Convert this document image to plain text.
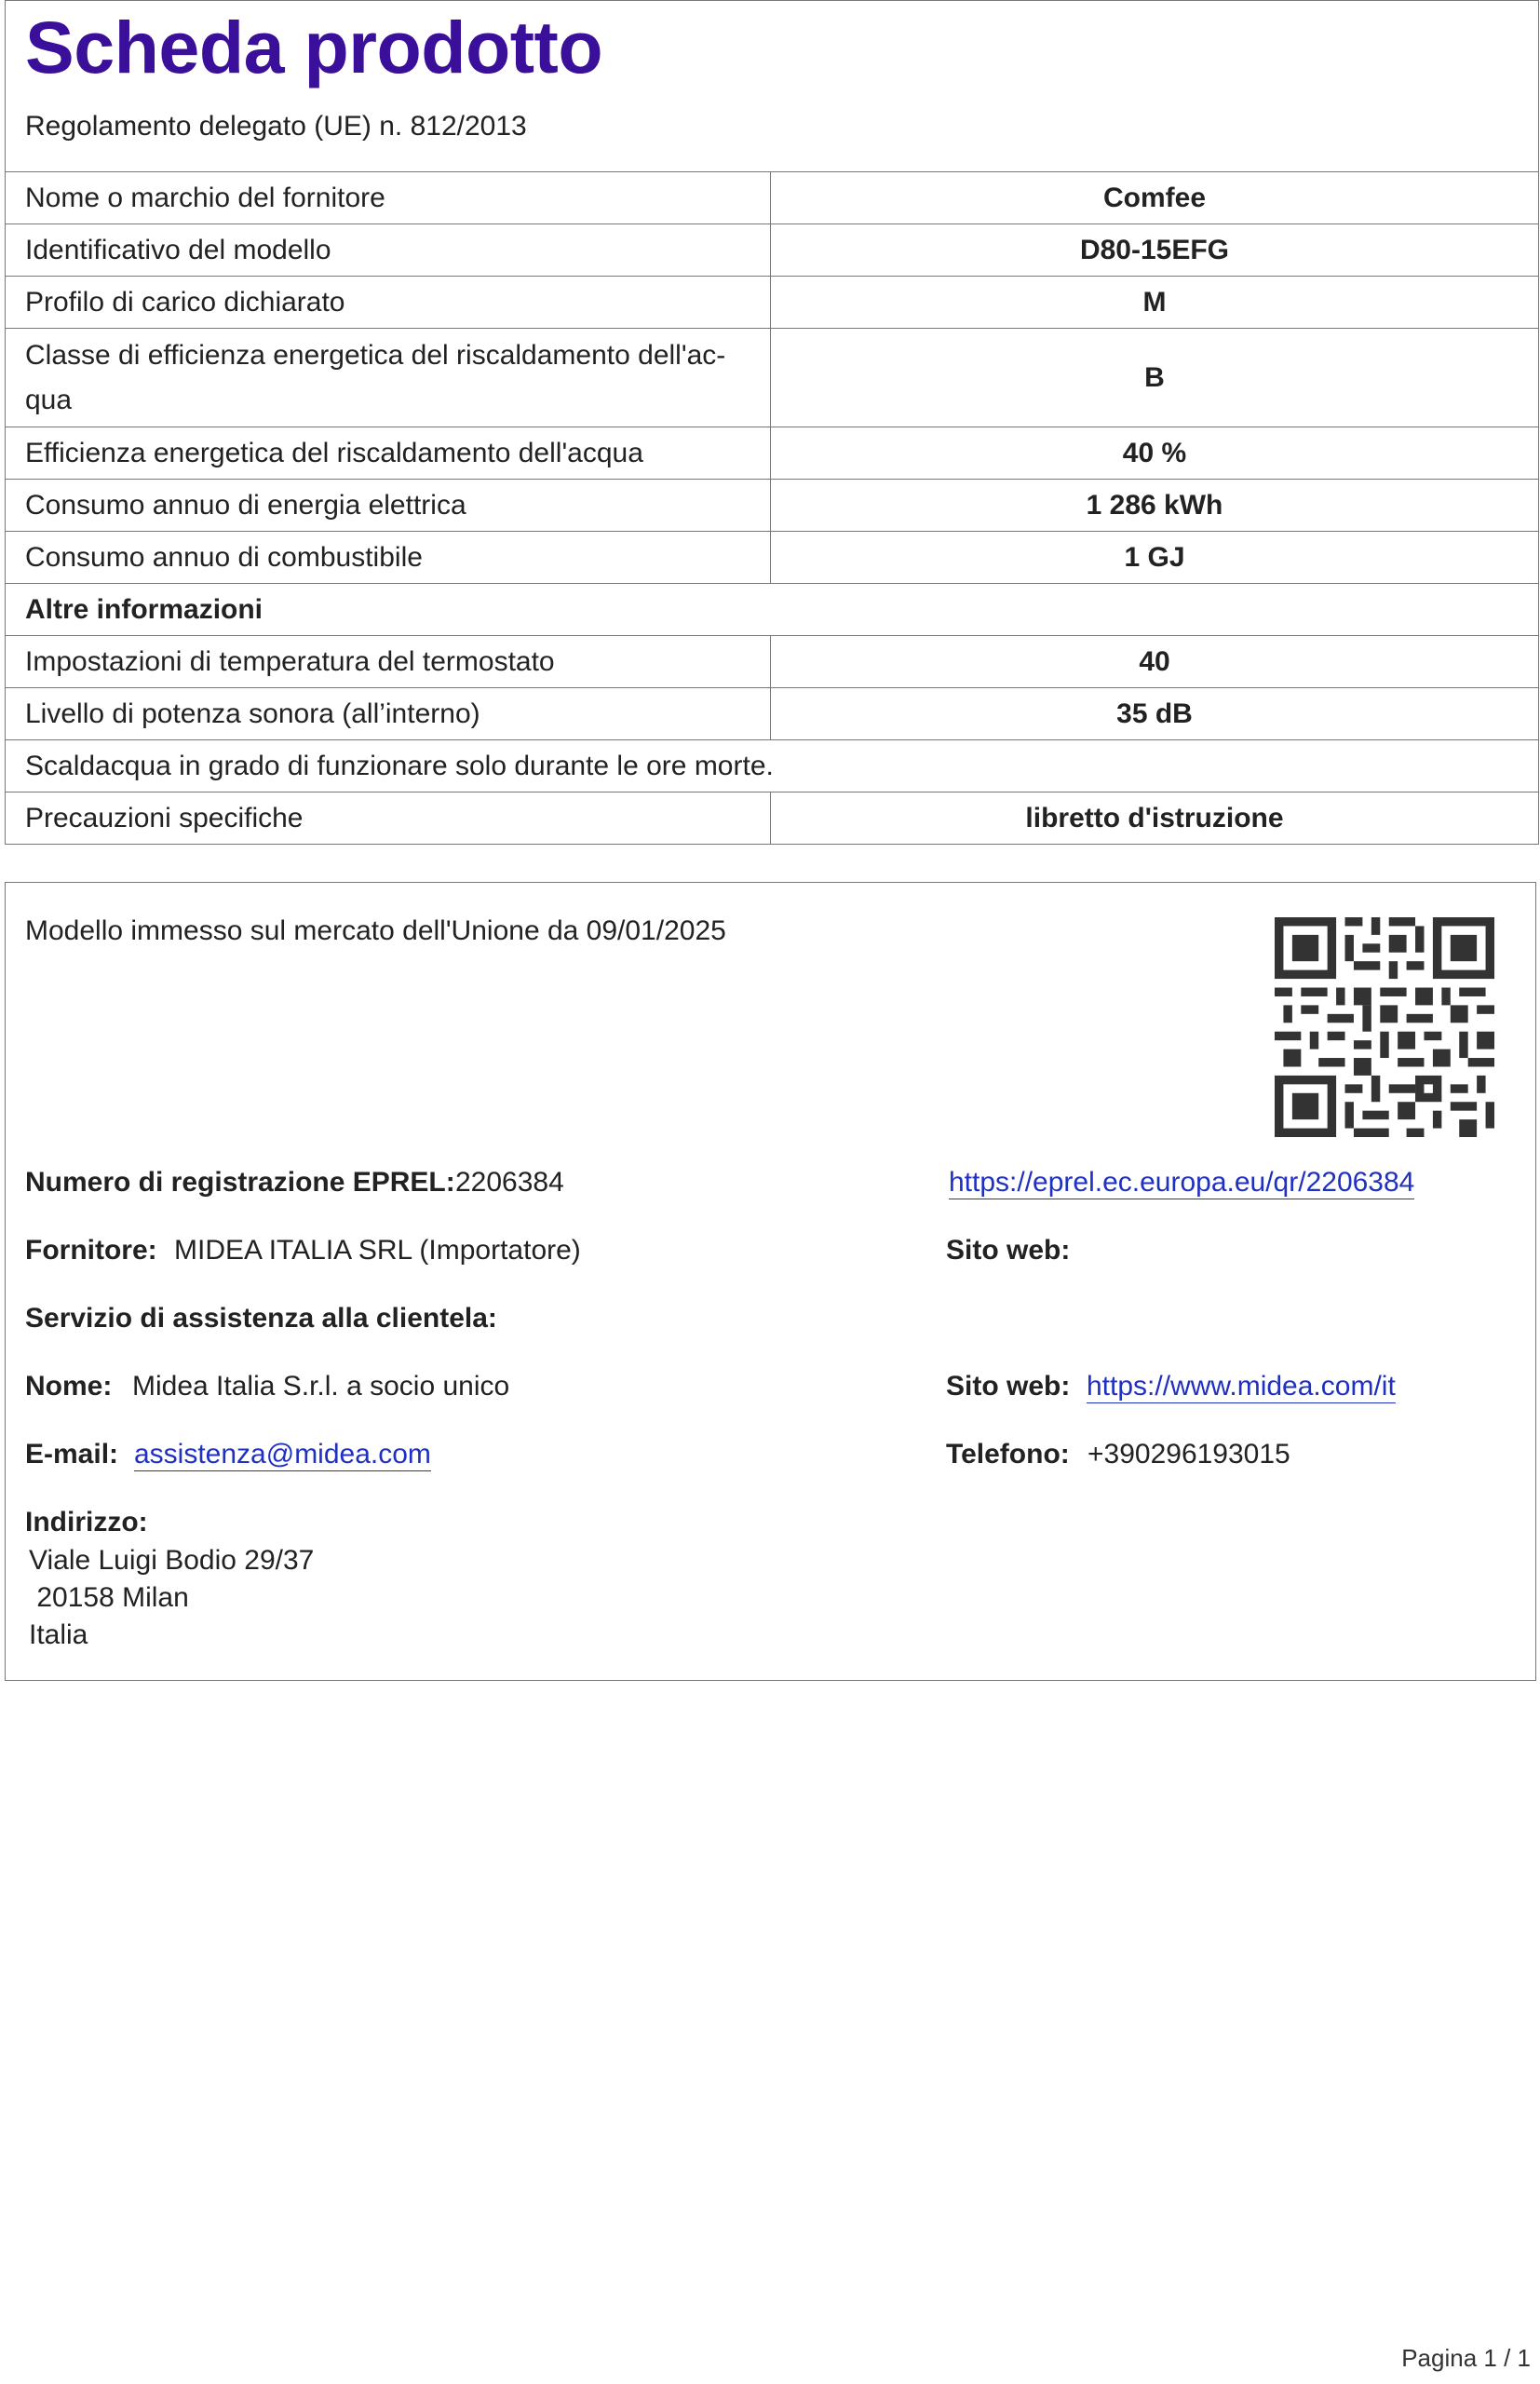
Scheda prodotto
Regolamento delegato (UE) n. 812/2013
Nome o marchio del fornitore	Comfee
Identificativo del modello	D80-15EFG
Profilo di carico dichiarato	M
Classe di efficienza energetica del riscaldamento dell'ac-
qua	B
Efficienza energetica del riscaldamento dell'acqua	40 %
Consumo annuo di energia elettrica	1 286 kWh
Consumo annuo di combustibile	1 GJ
Altre informazioni	
Impostazioni di temperatura del termostato	40
Livello di potenza sonora (all’interno)	35 dB
Scaldacqua in grado di funzionare solo durante le ore morte.	
Precauzioni specifiche	libretto d'istruzione
Modello immesso sul mercato dell'Unione da 09/01/2025
Numero di registrazione EPREL: 2206384	https://eprel.ec.europa.eu/qr/2206384
Fornitore: MIDEA ITALIA SRL (Importatore)	Sito web:
Servizio di assistenza alla clientela:
Nome: Midea Italia S.r.l. a socio unico	Sito web: https://www.midea.com/it
E-mail: assistenza@midea.com	Telefono: +390296193015
Indirizzo:
Viale Luigi Bodio 29/37
20158 Milan
Italia
Pagina 1 / 1
